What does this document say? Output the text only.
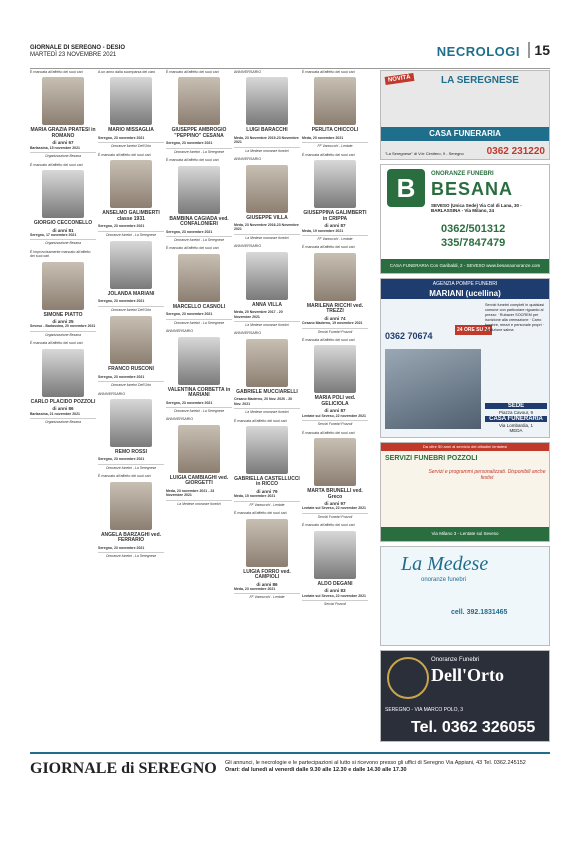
GIORNALE DI SEREGNO - DESIO
MARTEDÌ 23 NOVEMBRE 2021	NECROLOGI	15

È mancata all'affetto dei suoi cari

MARIA GRAZIA PRATESI in ROMANO
di anni 67

Barlassina, 15 novembre 2021

Organizzazione Besana

È mancato all'affetto dei suoi cari

GIORGIO CECCONELLO
di anni 81

Seregno, 17 novembre 2021

Organizzazione Besana

È improvvisamente mancato all'affetto dei suoi cari

SIMONE PIATTO
di anni 25

Seveso - Barlassina, 20 novembre 2021

Organizzazione Besana

È mancata all'affetto dei suoi cari

CARLO PLACIDO POZZOLI
di anni 86

Barlassina, 21 novembre 2021

Organizzazione Besana

A un anno dalla scomparsa del caro

MARIO MISSAGLIA

Seregno, 23 novembre 2021

Onoranze funebri Dell'Orto

È mancato all'affetto dei suoi cari

ANSELMO GALIMBERTI classe 1931

Seregno, 23 novembre 2021

Onoranze funebri - La Seregnese

JOLANDA MARIANI

Seregno, 23 novembre 2021

Onoranze funebri Dell'Orto

FRANCO RUSCONI

Seregno, 23 novembre 2021

Onoranze funebri Dell'Orto

ANNIVERSARIO

REMO ROSSI

Seregno, 23 novembre 2021

Onoranze funebri - La Seregnese

È mancato all'affetto dei suoi cari

ANGELA BARZAGHI ved. FERRARIO

Seregno, 23 novembre 2021

Onoranze funebri - La Seregnese

È mancato all'affetto dei suoi cari

GIUSEPPE AMBROGIO "PEPPINO" CESANA

Seregno, 23 novembre 2021

Onoranze funebri - La Seregnese

È mancata all'affetto dei suoi cari

BAMBINA CAGIADA ved. CONFALONIERI

Seregno, 23 novembre 2021

Onoranze funebri - La Seregnese

È mancato all'affetto dei suoi cari

MARCELLO CASNOLI

Seregno, 23 novembre 2021

Onoranze funebri - La Seregnese

ANNIVERSARIO

VALENTINA CORBETTA in MARIANI

Seregno, 23 novembre 2021

Onoranze funebri - La Seregnese

ANNIVERSARIO

LUIGIA CAMBIAGHI ved. GIORGETTI

Meda, 23 novembre 2021 - 23 Novembre 2021

La Medese onoranze funebri

ANNIVERSARIO

LUIGI BARACCHI

Meda, 23 Novembre 2019-23 Novembre 2021

La Medese onoranze funebri

ANNIVERSARIO

GIUSEPPE VILLA

Meda, 23 Novembre 2016-23 Novembre 2021

La Medese onoranze funebri

ANNIVERSARIO

ANNA VILLA

Meda, 20 Novembre 2017 - 20 Novembre 2021

La Medese onoranze funebri

ANNIVERSARIO

GABRIELE MUCCIARELLI

Cesano Maderno, 20 Nov. 2020 - 20 Nov. 2021

La Medese onoranze funebri

È mancata all'affetto dei suoi cari

GABRIELLA CASTELLUCCI in RICCO
di anni 79

Meda, 15 novembre 2021

FF Vannucchi - Lentate

È mancata all'affetto dei suoi cari

LUIGIA FORRO ved. CAMPIOLI
di anni 86

Meda, 23 novembre 2021

FF Vannucchi - Lentate

È mancata all'affetto dei suoi cari

PERLITA CHICCOLI

Meda, 20 novembre 2021

FF Vannucchi - Lentate

È mancata all'affetto dei suoi cari

GIUSEPPINA GALIMBERTI in CRIPPA
di anni 87

Meda, 19 novembre 2021

FF Vannucchi - Lentate

È mancata all'affetto dei suoi cari

MARILENA RICCHI ved. TREZZI
di anni 74

Cesano Maderno, 19 novembre 2021

Servizi Funebri Pozzoli

È mancata all'affetto dei suoi cari

MARIA POLI ved. GELICIOLA
di anni 87

Lentate sul Seveso, 22 novembre 2021

Servizi Funebri Pozzoli

È mancata all'affetto dei suoi cari

MARTA BRUNELLI ved. Greco
di anni 97

Lentate sul Seveso, 22 novembre 2021

Servizi Funebri Pozzoli

È mancato all'affetto dei suoi cari

ALDO DEGANI
di anni 83

Lentate sul Seveso, 22 novembre 2021

Servizi Pozzoli
NOVITÀ	LA SEREGNESE
CASA FUNERARIA
"La Seregnese" di V.le Cimitero, 9 - Seregno 0362 231220
B	ONORANZE FUNEBRI
BESANA
SEVESO (Unica Sede) Via Col di Lana, 30 - BARLASSINA - Via Milano, 24
0362/501312
335/7847479
CASA FUNERARIA Con Garibaldi, 2 - SEVESO www.besanaonoranze.com
AGENZIA POMPE FUNEBRI
MARIANI (ucellina)
0362 70674
24 ORE SU 24
Servizi funebri completi in qualsiasi comune con particolare riguardo al prezzo · Rubacer SOCREM per iscrizione alla cremazione · Carro funebre, mezzi e personale propri · Vestizione salma
SEDE
Piazza Cavour, 9
CASA FUNERARIA
Via Lombardia, 1
MEDA
Da oltre 50 anni al servizio dei cittadini lentatesi
SERVIZI FUNEBRI POZZOLI
Servizi e programmi personalizzati. Disponibili anche festivi
Via Milano 3 - Lentate sul Seveso
La Medese
onoranze funebri
cell. 392.1831465
Onoranze Funebri
Dell'Orto
SEREGNO - VIA MARCO POLO, 3
Tel. 0362 326055
GIORNALE di SEREGNO Gli annunci, le necrologie e le partecipazioni al lutto si ricevono presso gli uffici di Seregno Via Appiani, 43 Tel. 0362.245152
Orari: dal lunedì al venerdì dalle 9.30 alle 12.30 e dalle 14.30 alle 17.30
